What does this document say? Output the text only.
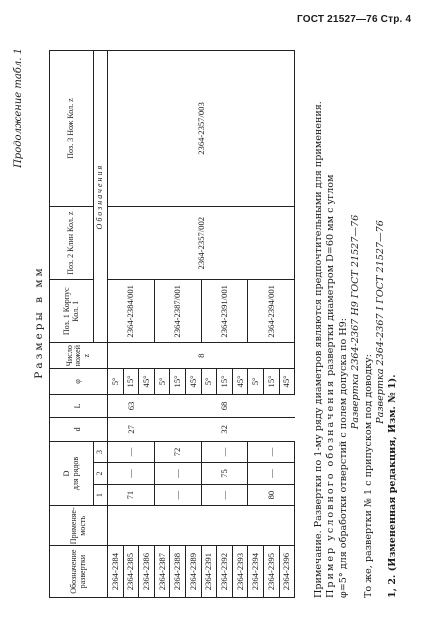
ГОСТ 21527—76 Стр. 4
Продолжение табл. 1
Размеры в мм
Обозначение развертки	Применяе-мость	D
для рядов			d	L	φ	Число ножей z	Поз. 1 Корпус Кол. 1	Поз. 2 Клин Кол. z	Поз. 3 Нож Кол. z
		1	2	3					Обозначения		
2364-2384		71	—	—	27	63	5°	8	2364-2384/001	2364-2357/002	2364-2357/003
2364-2385							15°				
2364-2386							45°				
2364-2387		—	—	72			5°		2364-2387/001		
2364-2388							15°				
2364-2389							45°				
2364-2391		—	75	—	32	68	5°		2364-2391/001		
2364-2392							15°				
2364-2393							45°				
2364-2394		80	—	—			5°		2364-2394/001		
2364-2395							15°				
2364-2396							45°				Примечание. Развертки по 1-му ряду диаметров являются предпочтительными для применения. Пример условного обозначения развертки диаметром D=60 мм с углом

φ=5° для обработки отверстий с полем допуска по Н9: Развертка 2364-2367 H9 ГОСТ 21527—76

То же, развертки № 1 с припуском под доводку:

Развертка 2364-2367 I ГОСТ 21527—76

1, 2. (Измененная редакция, Изм. № 1).
